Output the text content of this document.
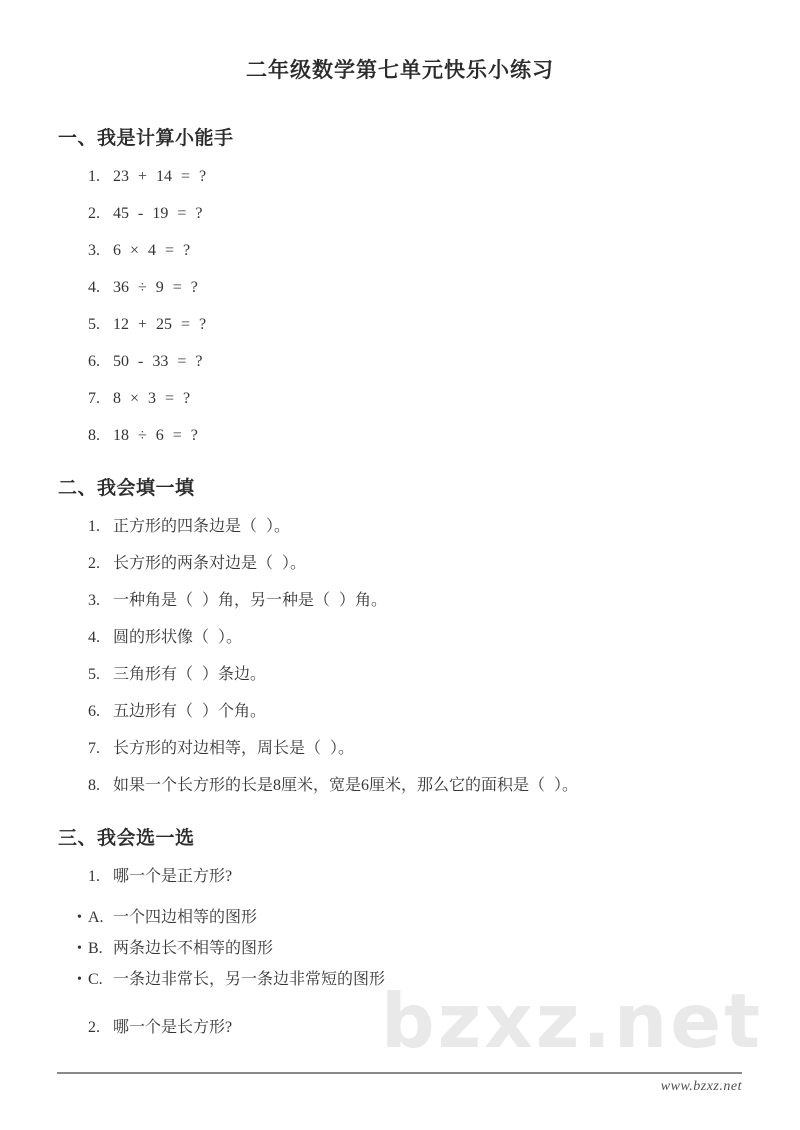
bzxz.net
二年级数学第七单元快乐小练习
一、我是计算小能手
1. 23 + 14 = ?
2. 45 - 19 = ?
3. 6 × 4 = ?
4. 36 ÷ 9 = ?
5. 12 + 25 = ?
6. 50 - 33 = ?
7. 8 × 3 = ?
8. 18 ÷ 6 = ?
二、我会填一填
1. 正方形的四条边是（ ）。
2. 长方形的两条对边是（ ）。
3. 一种角是（ ）角，另一种是（ ）角。
4. 圆的形状像（ ）。
5. 三角形有（ ）条边。
6. 五边形有（ ）个角。
7. 长方形的对边相等，周长是（ ）。
8. 如果一个长方形的长是8厘米，宽是6厘米，那么它的面积是（ ）。
三、我会选一选
1. 哪一个是正方形?
• A. 一个四边相等的图形
• B. 两条边长不相等的图形
• C. 一条边非常长，另一条边非常短的图形
2. 哪一个是长方形?
www.bzxz.net
